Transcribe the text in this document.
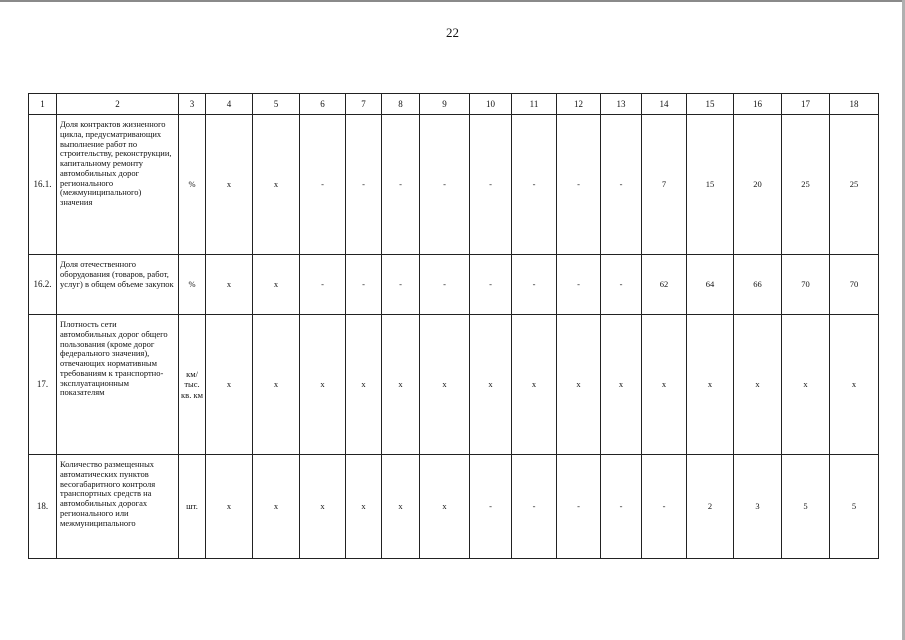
22
1	2	3	4	5	6	7	8	9	10	11	12	13	14	15	16	17	18
16.1.	Доля контрактов жизненного цикла, предусматривающих выполнение работ по строительству, реконструкции, капитальному ремонту автомобильных дорог регионального (межмуниципального) значения	%	x	x	-	-	-	-	-	-	-	-	7	15	20	25	25
16.2.	Доля отечественного оборудования (товаров, работ, услуг) в общем объеме закупок	%	x	x	-	-	-	-	-	-	-	-	62	64	66	70	70
17.	Плотность сети автомобильных дорог общего пользования (кроме дорог федерального значения), отвечающих нормативным требованиям к транспортно-эксплуатационным показателям	км/ тыс. кв. км	x	x	x	x	x	x	x	x	x	x	x	x	x	x	x
18.	Количество размещенных автоматических пунктов весогабаритного контроля транспортных средств на автомобильных дорогах регионального или межмуниципального	шт.	x	x	x	x	x	x	-	-	-	-	-	2	3	5	5
